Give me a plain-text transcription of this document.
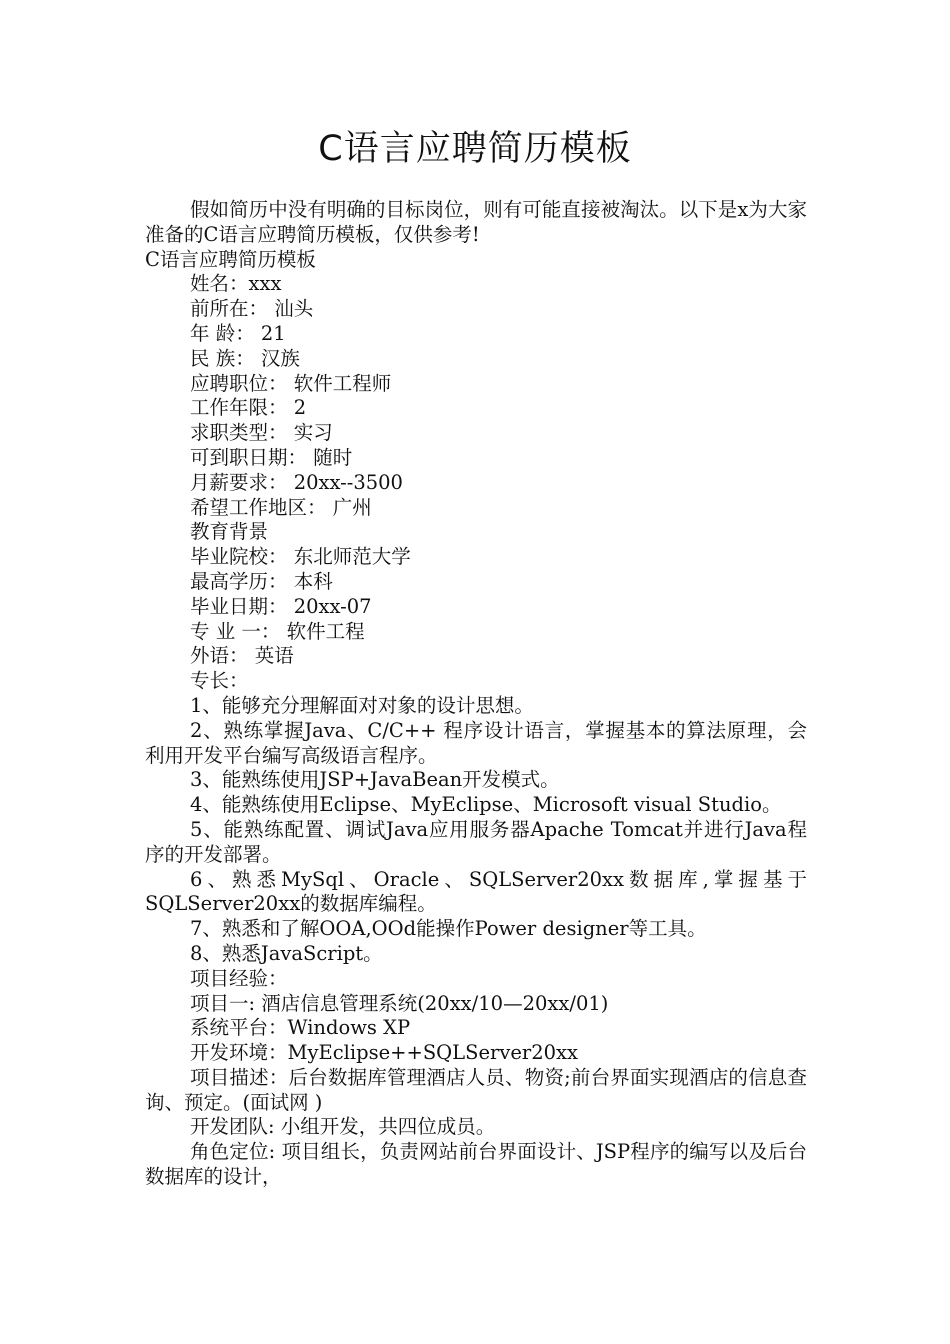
C语言应聘简历模板

假如简历中没有明确的目标岗位，则有可能直接被淘汰。以下是x为大家准备的C语言应聘简历模板，仅供参考!

C语言应聘简历模板

姓名：xxx

前所在： 汕头

年 龄： 21

民 族： 汉族

应聘职位： 软件工程师

工作年限： 2

求职类型： 实习

可到职日期： 随时

月薪要求： 20xx--3500

希望工作地区： 广州

教育背景

毕业院校： 东北师范大学

最高学历： 本科

毕业日期： 20xx-07

专 业 一： 软件工程

外语： 英语

专长：

1、能够充分理解面对对象的设计思想。

2、熟练掌握Java、C/C++ 程序设计语言，掌握基本的算法原理，会利用开发平台编写高级语言程序。

3、能熟练使用JSP+JavaBean开发模式。

4、能熟练使用Eclipse、MyEclipse、Microsoft visual Studio。

5、能熟练配置、调试Java应用服务器Apache Tomcat并进行Java程序的开发部署。

6、熟悉MySql、Oracle、SQLServer20xx数据库,掌握基于SQLServer20xx的数据库编程。

7、熟悉和了解OOA,OOd能操作Power designer等工具。

8、熟悉JavaScript。

项目经验：

项目一: 酒店信息管理系统(20xx/10—20xx/01)

系统平台：Windows XP

开发环境：MyEclipse++SQLServer20xx

项目描述：后台数据库管理酒店人员、物资;前台界面实现酒店的信息查询、预定。(面试网 )

开发团队: 小组开发，共四位成员。

角色定位: 项目组长，负责网站前台界面设计、JSP程序的编写以及后台数据库的设计，
